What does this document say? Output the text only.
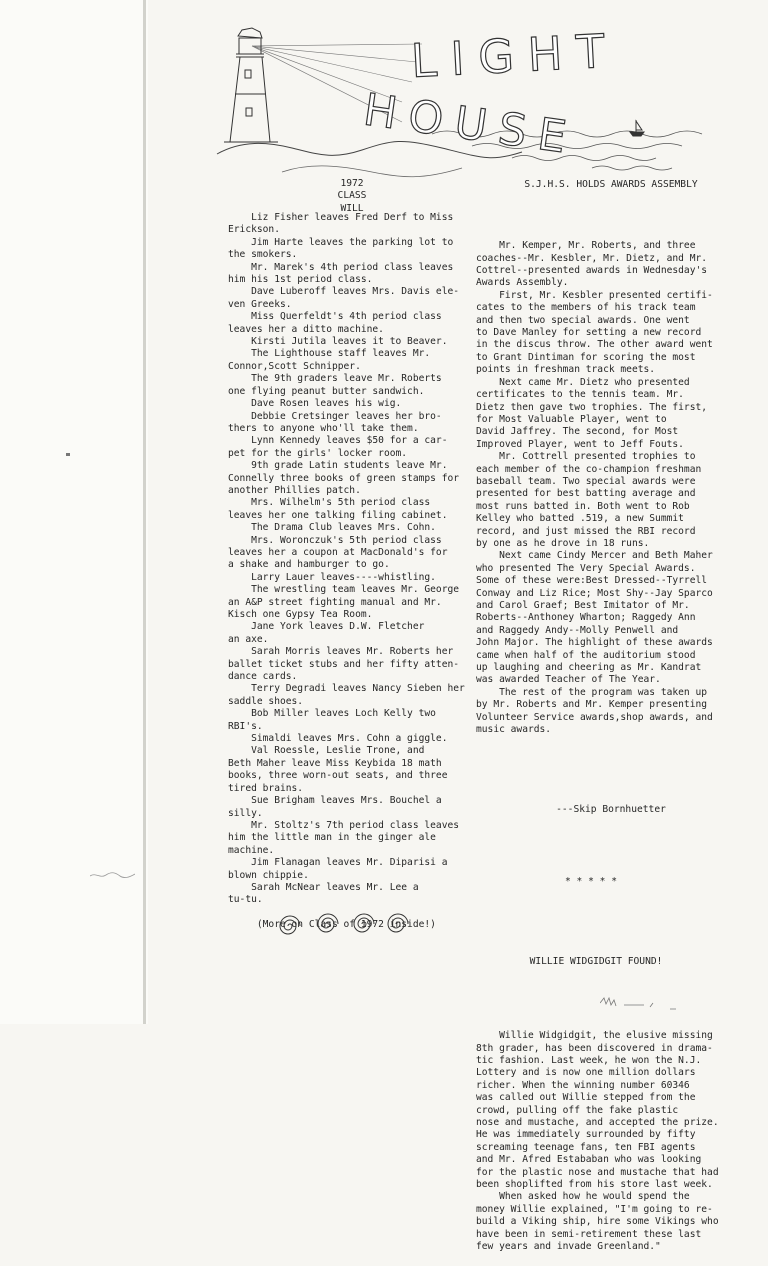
LIGHT
HOUSE
1972
CLASS
WILL
Liz Fisher leaves Fred Derf to Miss
Erickson.
Jim Harte leaves the parking lot to
the smokers.
Mr. Marek's 4th period class leaves
him his 1st period class.
Dave Luberoff leaves Mrs. Davis ele-
ven Greeks.
Miss Querfeldt's 4th period class
leaves her a ditto machine.
Kirsti Jutila leaves it to Beaver.
The Lighthouse staff leaves Mr.
Connor,Scott Schnipper.
The 9th graders leave Mr. Roberts
one flying peanut butter sandwich.
Dave Rosen leaves his wig.
Debbie Cretsinger leaves her bro-
thers to anyone who'll take them.
Lynn Kennedy leaves $50 for a car-
pet for the girls' locker room.
9th grade Latin students leave Mr.
Connelly three books of green stamps for
another Phillies patch.
Mrs. Wilhelm's 5th period class
leaves her one talking filing cabinet.
The Drama Club leaves Mrs. Cohn.
Mrs. Woronczuk's 5th period class
leaves her a coupon at MacDonald's for
a shake and hamburger to go.
Larry Lauer leaves----whistling.
The wrestling team leaves Mr. George
an A&P street fighting manual and Mr.
Kisch one Gypsy Tea Room.
Jane York leaves D.W. Fletcher
an axe.
Sarah Morris leaves Mr. Roberts her
ballet ticket stubs and her fifty atten-
dance cards.
Terry Degradi leaves Nancy Sieben her
saddle shoes.
Bob Miller leaves Loch Kelly two
RBI's.
Simaldi leaves Mrs. Cohn a giggle.
Val Roessle, Leslie Trone, and
Beth Maher leave Miss Keybida 18 math
books, three worn-out seats, and three
tired brains.
Sue Brigham leaves Mrs. Bouchel a
silly.
Mr. Stoltz's 7th period class leaves
him the little man in the ginger ale
machine.
Jim Flanagan leaves Mr. Diparisi a
blown chippie.
Sarah McNear leaves Mr. Lee a
tu-tu.
(More on Class of 1972 inside!)

S.J.H.S. HOLDS AWARDS ASSEMBLY

Mr. Kemper, Mr. Roberts, and three
coaches--Mr. Kesbler, Mr. Dietz, and Mr.
Cottrel--presented awards in Wednesday's
Awards Assembly.
First, Mr. Kesbler presented certifi-
cates to the members of his track team
and then two special awards. One went
to Dave Manley for setting a new record
in the discus throw. The other award went
to Grant Dintiman for scoring the most
points in freshman track meets.
Next came Mr. Dietz who presented
certificates to the tennis team. Mr.
Dietz then gave two trophies. The first,
for Most Valuable Player, went to
David Jaffrey. The second, for Most
Improved Player, went to Jeff Fouts.
Mr. Cottrell presented trophies to
each member of the co-champion freshman
baseball team. Two special awards were
presented for best batting average and
most runs batted in. Both went to Rob
Kelley who batted .519, a new Summit
record, and just missed the RBI record
by one as he drove in 18 runs.
Next came Cindy Mercer and Beth Maher
who presented The Very Special Awards.
Some of these were:Best Dressed--Tyrrell
Conway and Liz Rice; Most Shy--Jay Sparco
and Carol Graef; Best Imitator of Mr.
Roberts--Anthoney Wharton; Raggedy Ann
and Raggedy Andy--Molly Penwell and
John Major. The highlight of these awards
came when half of the auditorium stood
up laughing and cheering as Mr. Kandrat
was awarded Teacher of The Year.
The rest of the program was taken up
by Mr. Roberts and Mr. Kemper presenting
Volunteer Service awards,shop awards, and
music awards.

---Skip Bornhuetter

* * * * *

WILLIE WIDGIDGIT FOUND!

Willie Widgidgit, the elusive missing
8th grader, has been discovered in drama-
tic fashion. Last week, he won the N.J.
Lottery and is now one million dollars
richer. When the winning number 60346
was called out Willie stepped from the
crowd, pulling off the fake plastic
nose and mustache, and accepted the prize.
He was immediately surrounded by fifty
screaming teenage fans, ten FBI agents
and Mr. Afred Estababan who was looking
for the plastic nose and mustache that had
been shoplifted from his store last week.
When asked how he would spend the
money Willie explained, "I'm going to re-
build a Viking ship, hire some Vikings who
have been in semi-retirement these last
few years and invade Greenland."
